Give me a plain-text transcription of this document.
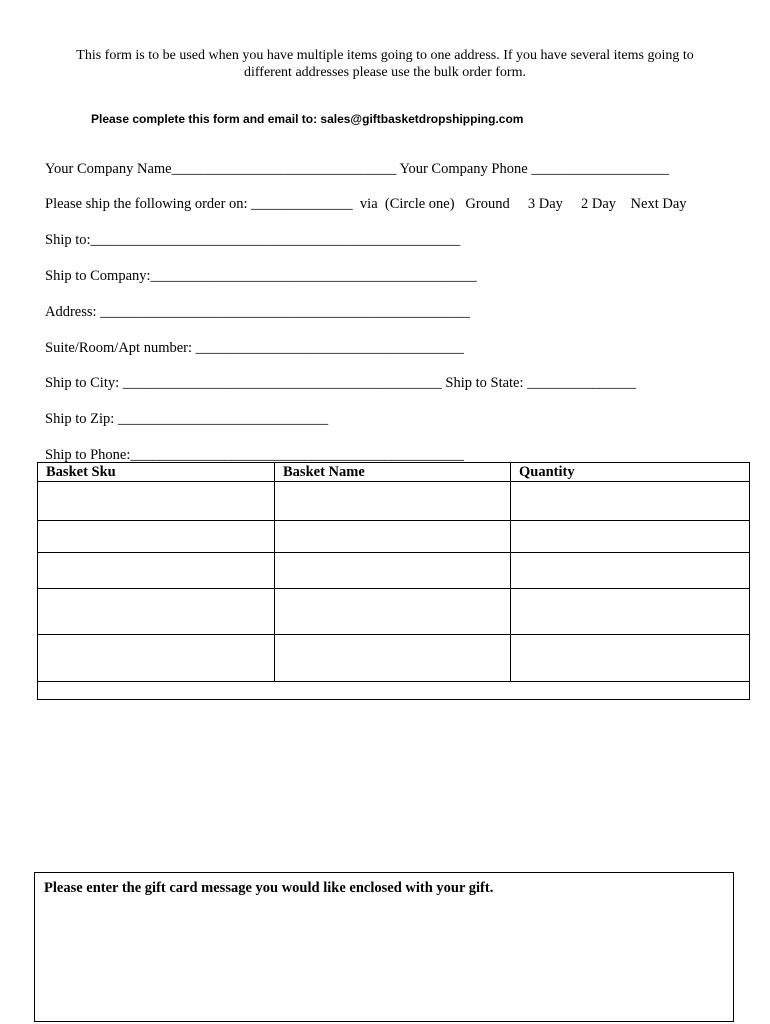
This form is to be used when you have multiple items going to one address. If you have several items going to
different addresses please use the bulk order form.
Please complete this form and email to: sales@giftbasketdropshipping.com
Your Company Name_______________________________ Your Company Phone ___________________
Please ship the following order on: ______________  via  (Circle one)   Ground     3 Day     2 Day    Next Day
Ship to:___________________________________________________
Ship to Company:_____________________________________________
Address: ___________________________________________________
Suite/Room/Apt number: _____________________________________
Ship to City: ____________________________________________ Ship to State: _______________
Ship to Zip: _____________________________
Ship to Phone:______________________________________________
Basket Sku	Basket Name	Quantity

Please enter the gift card message you would like enclosed with your gift.
